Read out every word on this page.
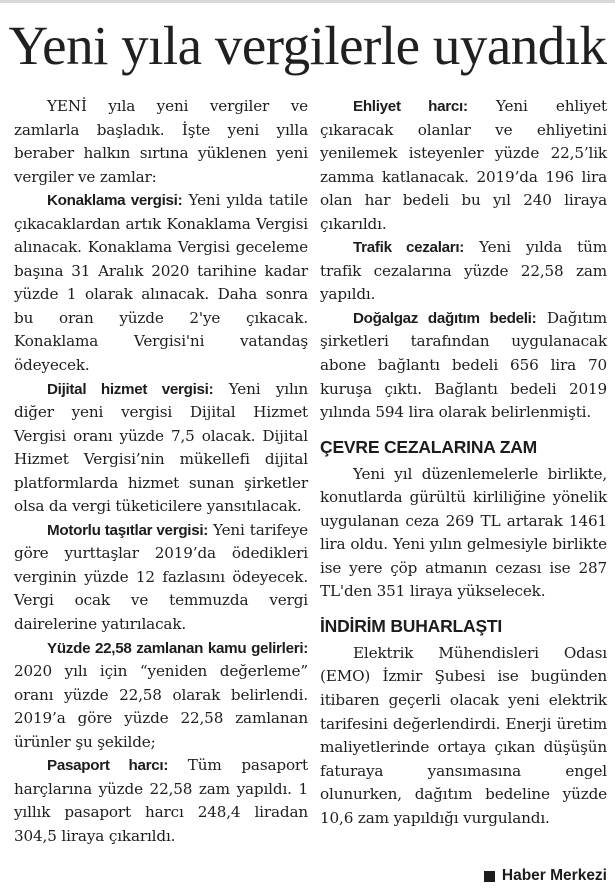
Yeni yıla vergilerle uyandık

YENİ yıla yeni vergiler ve zamlarla başladık. İşte yeni yılla beraber halkın sırtına yüklenen yeni vergiler ve zamlar:

Konaklama vergisi: Yeni yılda tatile çıkacaklardan artık Konaklama Vergisi alınacak. Konaklama Vergisi geceleme başına 31 Aralık 2020 tarihine kadar yüzde 1 olarak alınacak. Daha sonra bu oran yüzde 2'ye çıkacak. Konaklama Vergisi'ni vatandaş ödeyecek.

Dijital hizmet vergisi: Yeni yılın diğer yeni vergisi Dijital Hizmet Vergisi oranı yüzde 7,5 olacak. Dijital Hizmet Vergisi’nin mükellefi dijital platformlarda hizmet sunan şirketler olsa da vergi tüketicilere yansıtılacak.

Motorlu taşıtlar vergisi: Yeni tarifeye göre yurttaşlar 2019’da ödedikleri verginin yüzde 12 fazlasını ödeyecek. Vergi ocak ve temmuzda vergi dairelerine yatırılacak.

Yüzde 22,58 zamlanan kamu gelirleri: 2020 yılı için “yeniden değerleme” oranı yüzde 22,58 olarak belirlendi. 2019’a göre yüzde 22,58 zamlanan ürünler şu şekilde;

Pasaport harcı: Tüm pasaport harçlarına yüzde 22,58 zam yapıldı. 1 yıllık pasaport harcı 248,4 liradan 304,5 liraya çıkarıldı.

Ehliyet harcı: Yeni ehliyet çıkaracak olanlar ve ehliyetini yenilemek isteyenler yüzde 22,5’lik zamma katlanacak. 2019’da 196 lira olan har bedeli bu yıl 240 liraya çıkarıldı.

Trafik cezaları: Yeni yılda tüm trafik cezalarına yüzde 22,58 zam yapıldı.

Doğalgaz dağıtım bedeli: Dağıtım şirketleri tarafından uygulanacak abone bağlantı bedeli 656 lira 70 kuruşa çıktı. Bağlantı bedeli 2019 yılında 594 lira olarak belirlenmişti.

ÇEVRE CEZALARINA ZAM

Yeni yıl düzenlemelerle birlikte, konutlarda gürültü kirliliğine yönelik uygulanan ceza 269 TL artarak 1461 lira oldu. Yeni yılın gelmesiyle birlikte ise yere çöp atmanın cezası ise 287 TL'den 351 liraya yükselecek.

İNDİRİM BUHARLAŞTI

Elektrik Mühendisleri Odası (EMO) İzmir Şubesi ise bugünden itibaren geçerli olacak yeni elektrik tarifesini değerlendirdi. Enerji üretim maliyetlerinde ortaya çıkan düşüşün faturaya yansımasına engel olunurken, dağıtım bedeline yüzde 10,6 zam yapıldığı vurgulandı.

Haber Merkezi
